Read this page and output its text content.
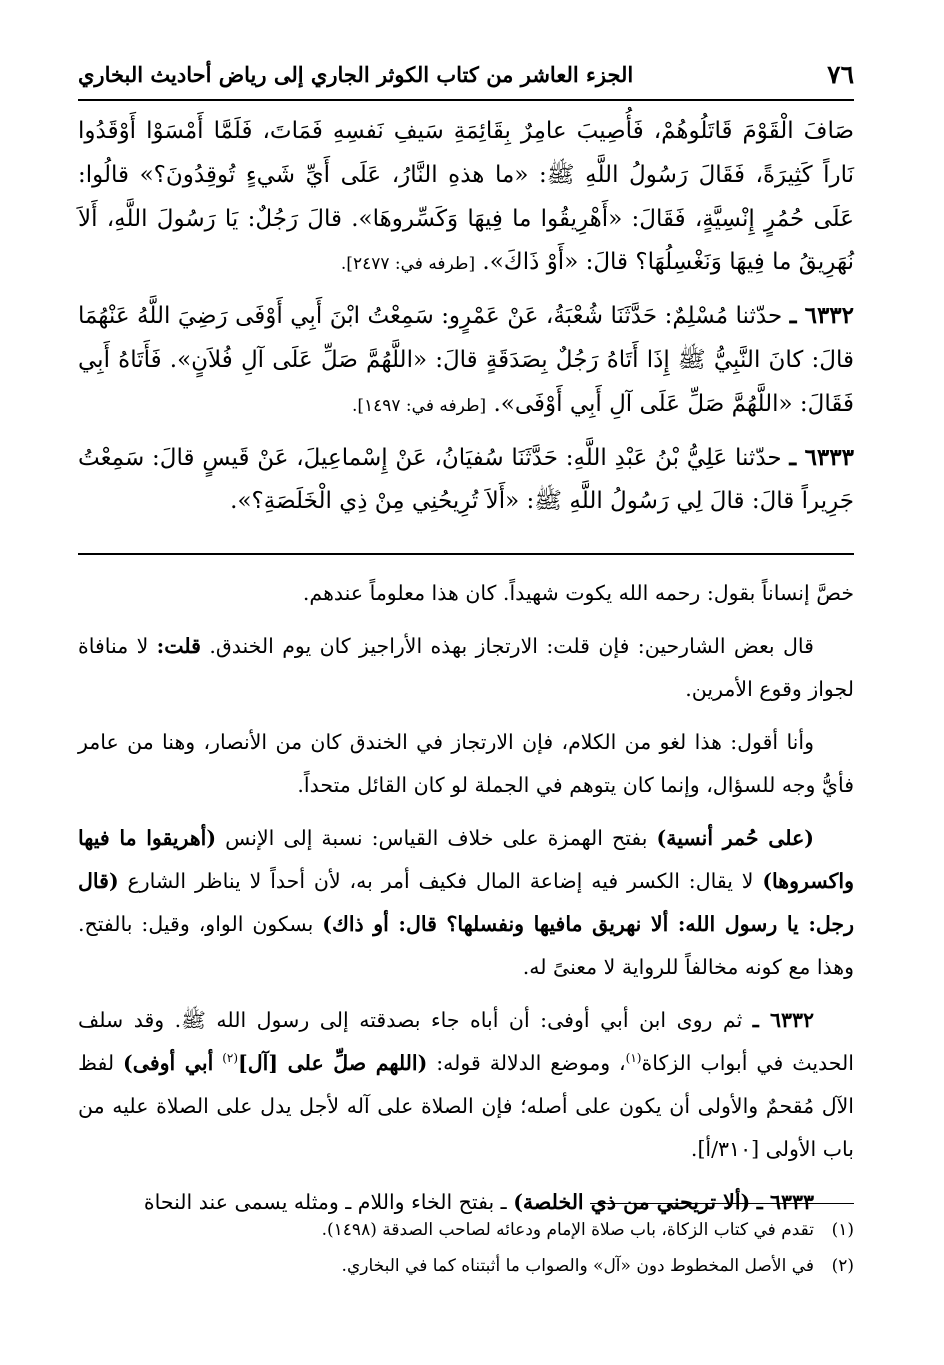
٧٦
الجزء العاشر من كتاب الكوثر الجاري إلى رياض أحاديث البخاري

صَافَ الْقَوْمَ قَاتَلُوهُمْ، فَأُصِيبَ عامِرٌ بِقَائِمَةِ سَيفِ نَفسِهِ فَمَاتَ، فَلَمَّا أَمْسَوْا أَوْقَدُوا نَاراً كَثِيرَةً، فَقَالَ رَسُولُ اللَّهِ ﷺ: «ما هذهِ النَّارُ، عَلَى أَيِّ شَيءٍ تُوقِدُونَ؟» قالُوا: عَلَى حُمُرٍ إِنْسِيَّةٍ، فَقَالَ: «أَهْرِيقُوا ما فِيهَا وَكَسِّروهَا». قالَ رَجُلٌ: يَا رَسُولَ اللَّهِ، أَلاَ نُهَرِيقُ ما فِيهَا وَنَغْسِلُهَا؟ قالَ: «أَوْ ذَاكَ». [طرفه في: ٢٤٧٧].

٦٣٣٢ ـ حدّثنا مُسْلِمٌ: حَدَّثَنَا شُعْبَةُ، عَنْ عَمْرٍو: سَمِعْتُ ابْنَ أَبِي أَوْفَى رَضِيَ اللَّهُ عَنْهُمَا قالَ: كانَ النَّبِيُّ ﷺ إِذَا أَتَاهُ رَجُلٌ بِصَدَقَةٍ قالَ: «اللَّهُمَّ صَلِّ عَلَى آلِ فُلاَنٍ». فَأَتَاهُ أَبِي فَقَالَ: «اللَّهُمَّ صَلِّ عَلَى آلِ أَبِي أَوْفَى». [طرفه في: ١٤٩٧].

٦٣٣٣ ـ حدّثنا عَلِيُّ بْنُ عَبْدِ اللَّهِ: حَدَّثَنَا سُفيَانُ، عَنْ إِسْماعِيلَ، عَنْ قَيسٍ قالَ: سَمِعْتُ جَرِيراً قالَ: قالَ لِي رَسُولُ اللَّهِ ﷺ: «أَلاَ تُرِيحُنِي مِنْ ذِي الْخَلَصَةِ؟».

خصَّ إنساناً بقول: رحمه الله يكوت شهيداً. كان هذا معلوماً عندهم.

قال بعض الشارحين: فإن قلت: الارتجاز بهذه الأراجيز كان يوم الخندق. قلت: لا منافاة لجواز وقوع الأمرين.

وأنا أقول: هذا لغو من الكلام، فإن الارتجاز في الخندق كان من الأنصار، وهنا من عامر فأيُّ وجه للسؤال، وإنما كان يتوهم في الجملة لو كان القائل متحداً.

(على حُمر أنسية) بفتح الهمزة على خلاف القياس: نسبة إلى الإنس (أهريقوا ما فيها واكسروها) لا يقال: الكسر فيه إضاعة المال فكيف أمر به، لأن أحداً لا يناظر الشارع (قال رجل: يا رسول الله: ألا نهريق مافيها ونفسلها؟ قال: أو ذاك) بسكون الواو، وقيل: بالفتح. وهذا مع كونه مخالفاً للرواية لا معنىً له.

٦٣٣٢ ـ ثم روى ابن أبي أوفى: أن أباه جاء بصدقته إلى رسول الله ﷺ. وقد سلف الحديث في أبواب الزكاة$^{(١)}$، وموضع الدلالة قوله: (اللهم صلِّ على [آل]$^{(٢)}$ أبي أوفى) لفظ الآل مُقحمٌ والأولى أن يكون على أصله؛ فإن الصلاة على آله لأجل يدل على الصلاة عليه من باب الأولى [٣١٠/أ].

٦٣٣٣ ـ (ألا تريحني من ذي الخلصة) ـ بفتح الخاء واللام ـ ومثله يسمى عند النحاة

(١)تقدم في كتاب الزكاة، باب صلاة الإمام ودعائه لصاحب الصدقة (١٤٩٨).

(٢)في الأصل المخطوط دون «آل» والصواب ما أثبتناه كما في البخاري.
